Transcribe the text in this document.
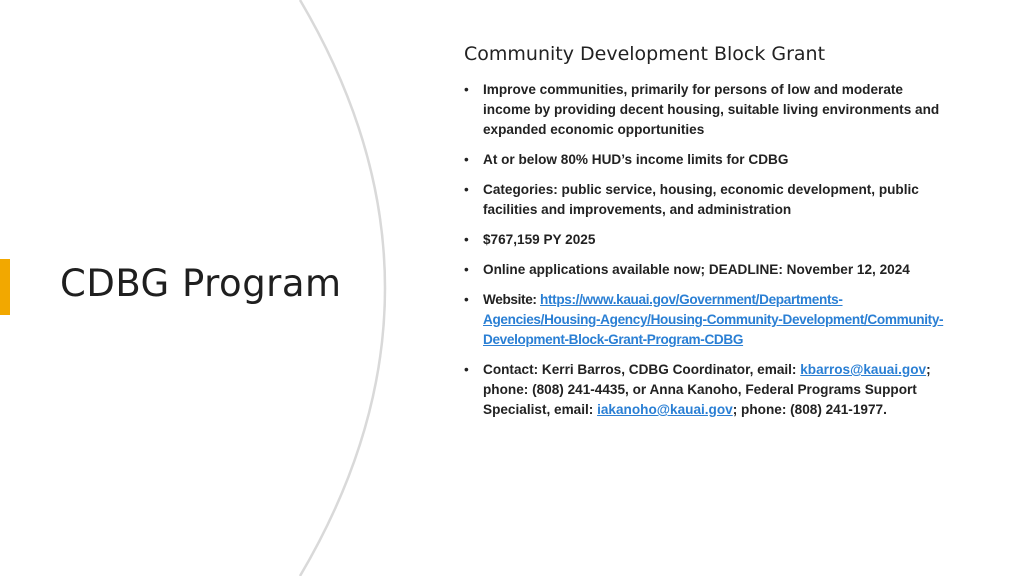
CDBG Program
Community Development Block Grant
• Improve communities, primarily for persons of low and moderate income by providing decent housing, suitable living environments and expanded economic opportunities
• At or below 80% HUD’s income limits for CDBG
• Categories: public service, housing, economic development, public facilities and improvements, and administration
• $767,159 PY 2025
• Online applications available now; DEADLINE: November 12, 2024
• Website: https://www.kauai.gov/Government/Departments-Agencies/Housing-Agency/Housing-Community-Development/Community-Development-Block-Grant-Program-CDBG
• Contact: Kerri Barros, CDBG Coordinator, email: kbarros@kauai.gov; phone: (808) 241-4435, or Anna Kanoho, Federal Programs Support Specialist, email: iakanoho@kauai.gov; phone: (808) 241-1977.
